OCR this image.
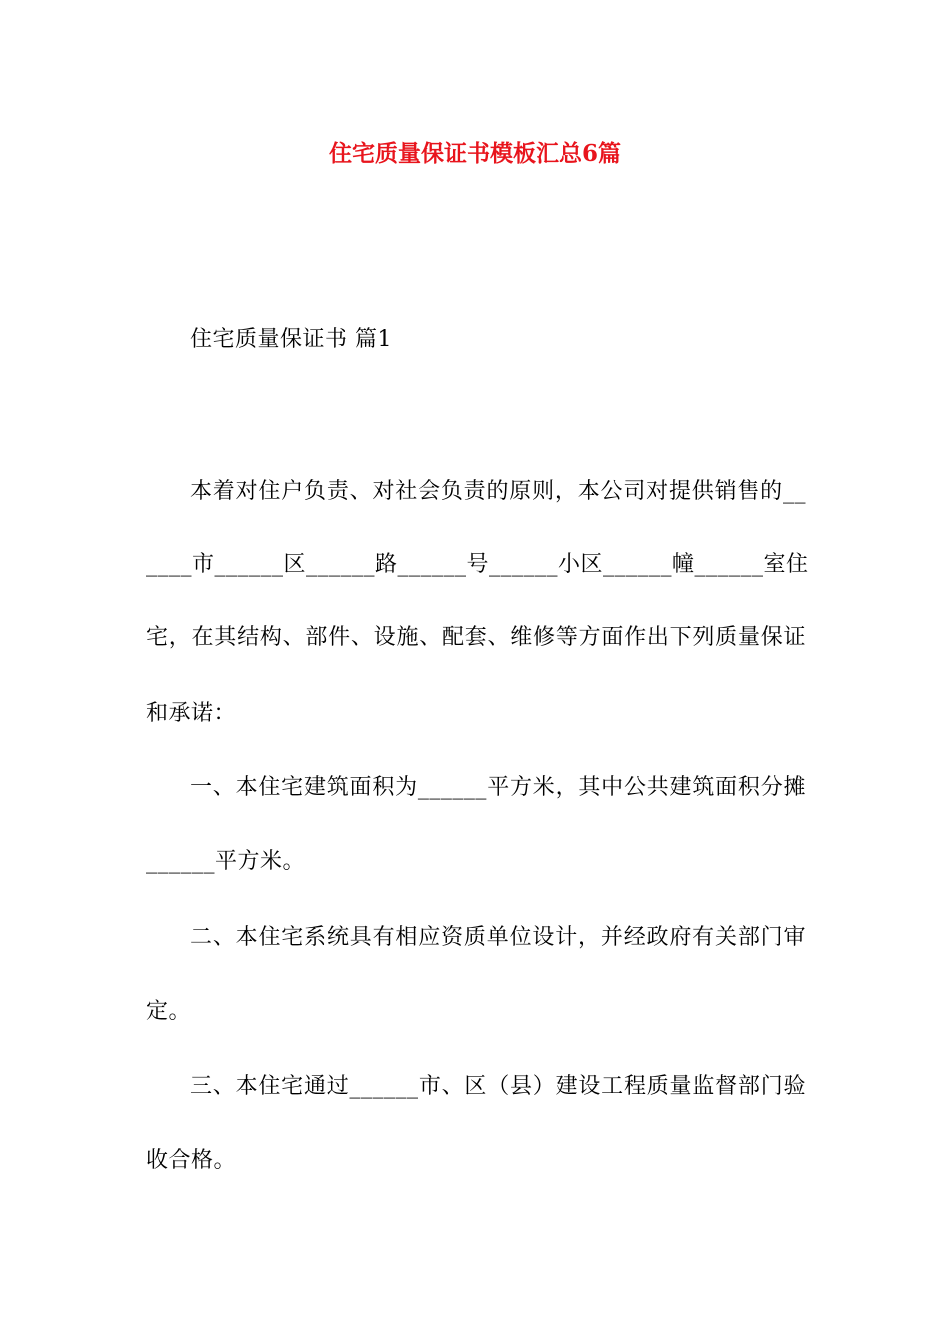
住宅质量保证书模板汇总6篇
住宅质量保证书 篇1
本着对住户负责、对社会负责的原则，本公司对提供销售的__
____市______区______路______号______小区______幢______室住
宅，在其结构、部件、设施、配套、维修等方面作出下列质量保证
和承诺：
一、本住宅建筑面积为______平方米，其中公共建筑面积分摊
______平方米。
二、本住宅系统具有相应资质单位设计，并经政府有关部门审
定。
三、本住宅通过______市、区（县）建设工程质量监督部门验
收合格。
